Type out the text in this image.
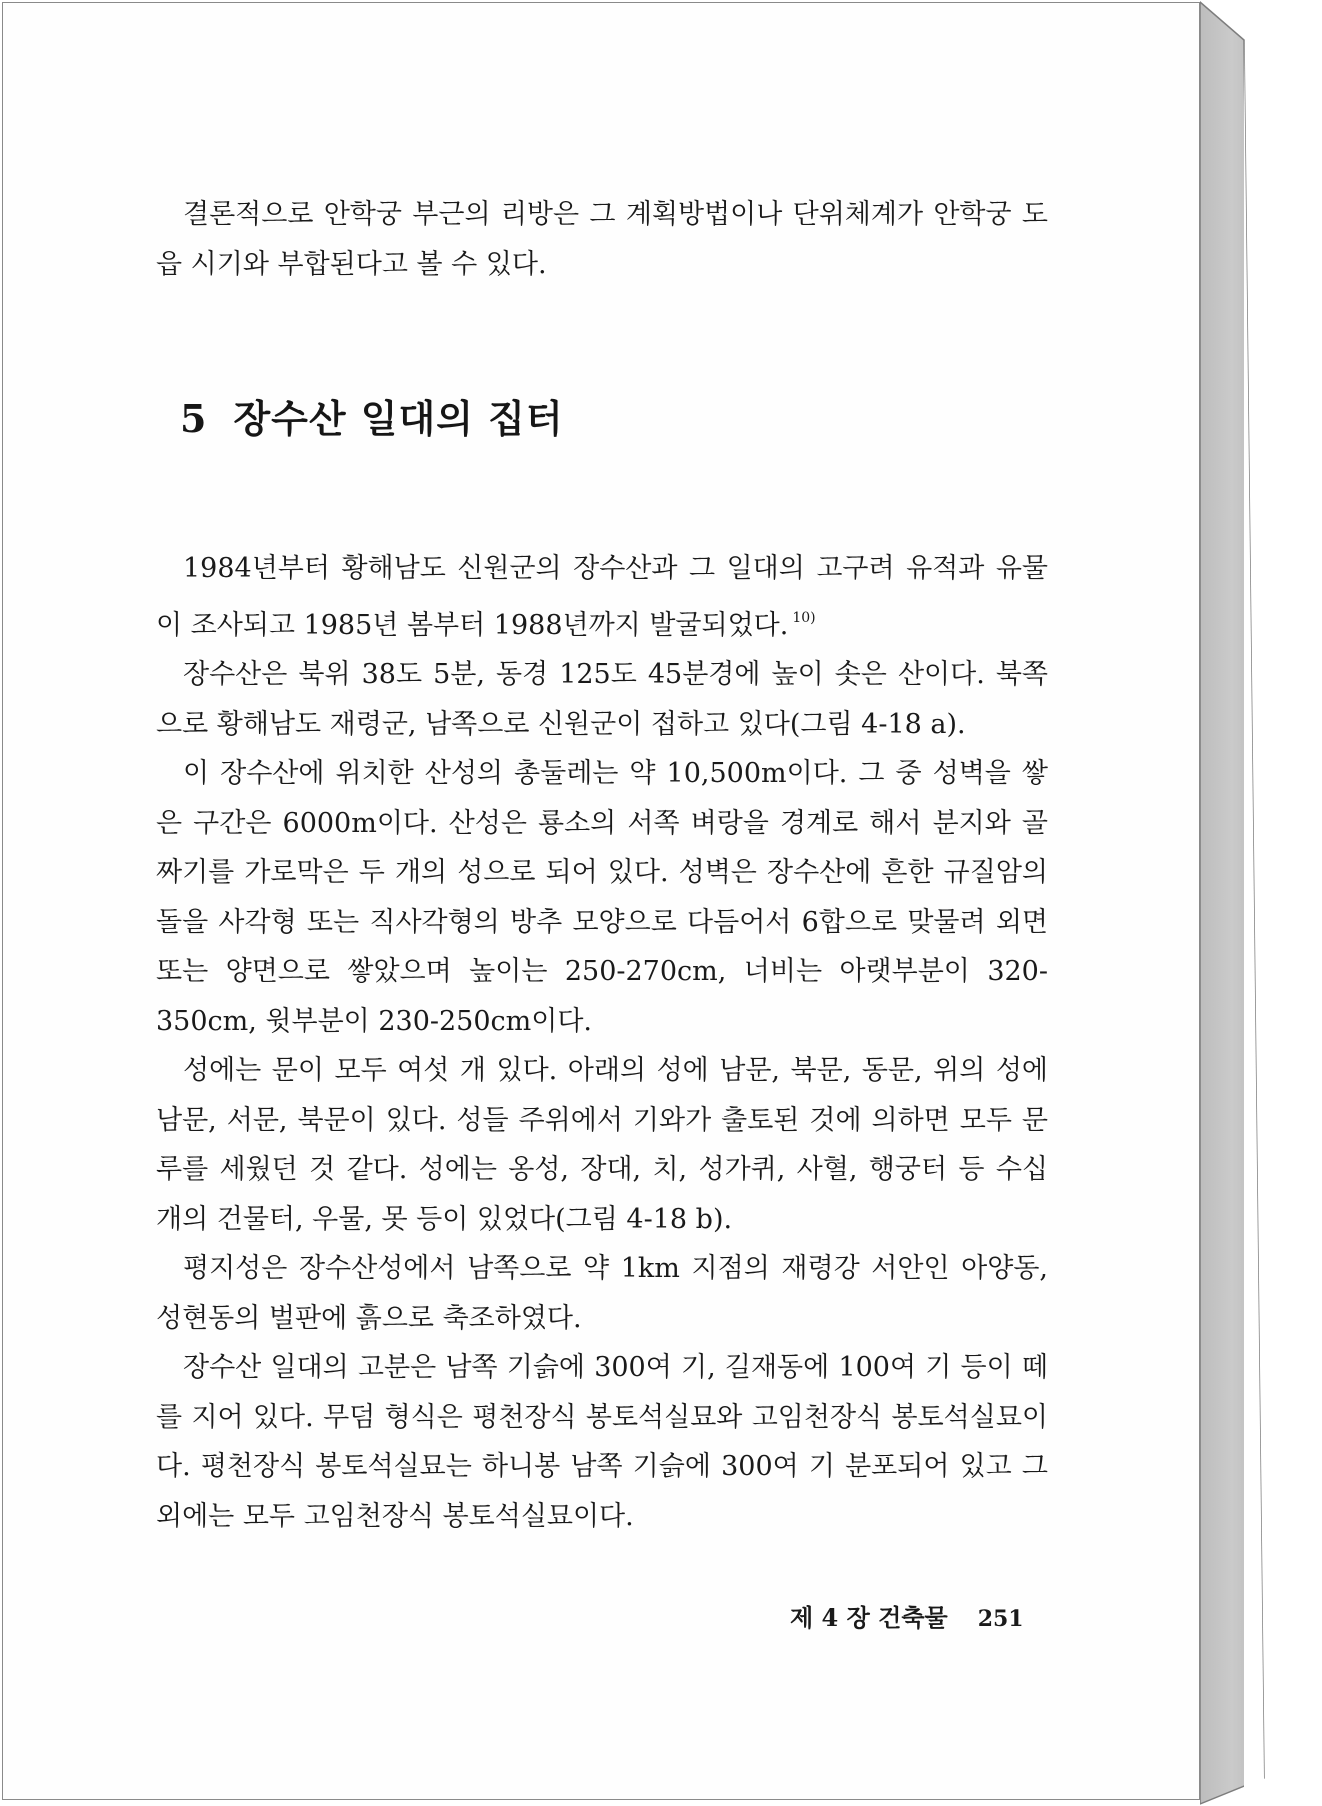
결론적으로 안학궁 부근의 리방은 그 계획방법이나 단위체계가 안학궁 도읍 시기와 부합된다고 볼 수 있다.

5 장수산 일대의 집터

1984년부터 황해남도 신원군의 장수산과 그 일대의 고구려 유적과 유물이 조사되고 1985년 봄부터 1988년까지 발굴되었다. $^{10)}$

장수산은 북위 38도 5분, 동경 125도 45분경에 높이 솟은 산이다. 북쪽으로 황해남도 재령군, 남쪽으로 신원군이 접하고 있다(그림 4-18 a).

이 장수산에 위치한 산성의 총둘레는 약 10,500m이다. 그 중 성벽을 쌓은 구간은 6000m이다. 산성은 룡소의 서쪽 벼랑을 경계로 해서 분지와 골짜기를 가로막은 두 개의 성으로 되어 있다. 성벽은 장수산에 흔한 규질암의 돌을 사각형 또는 직사각형의 방추 모양으로 다듬어서 6합으로 맞물려 외면 또는 양면으로 쌓았으며 높이는 250-270cm, 너비는 아랫부분이 320-350cm, 윗부분이 230-250cm이다.

성에는 문이 모두 여섯 개 있다. 아래의 성에 남문, 북문, 동문, 위의 성에 남문, 서문, 북문이 있다. 성들 주위에서 기와가 출토된 것에 의하면 모두 문루를 세웠던 것 같다. 성에는 옹성, 장대, 치, 성가퀴, 사혈, 행궁터 등 수십 개의 건물터, 우물, 못 등이 있었다(그림 4-18 b).

평지성은 장수산성에서 남쪽으로 약 1km 지점의 재령강 서안인 아양동, 성현동의 벌판에 흙으로 축조하였다.

장수산 일대의 고분은 남쪽 기슭에 300여 기, 길재동에 100여 기 등이 떼를 지어 있다. 무덤 형식은 평천장식 봉토석실묘와 고임천장식 봉토석실묘이다. 평천장식 봉토석실묘는 하니봉 남쪽 기슭에 300여 기 분포되어 있고 그 외에는 모두 고임천장식 봉토석실묘이다.

제 4 장 건축물 251
